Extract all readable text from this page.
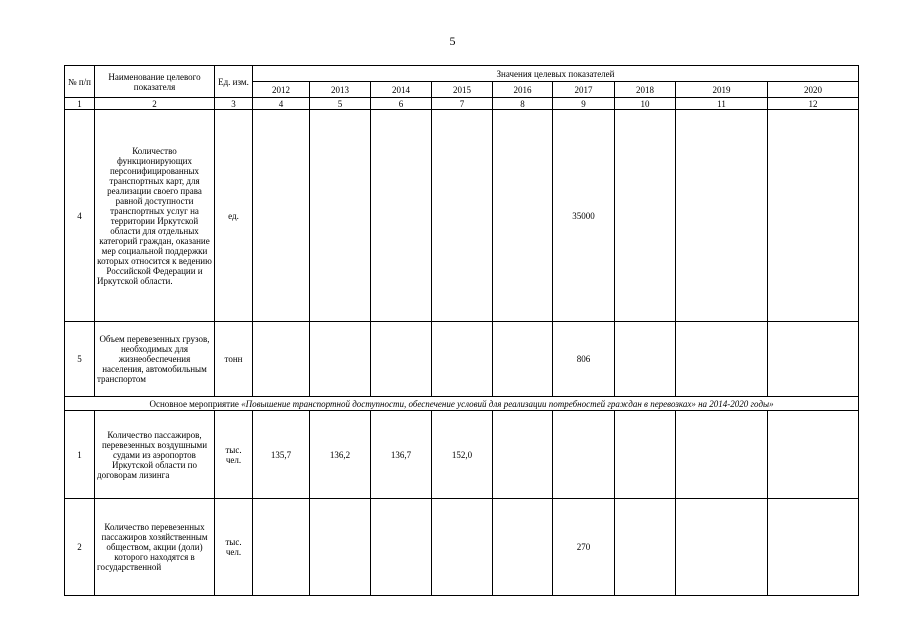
5
№ п/п	Наименование целевого показателя	Ед. изм.	Значения целевых показателей								
			2012	2013	2014	2015	2016	2017	2018	2019	2020
1	2	3	4	5	6	7	8	9	10	11	12
4	Количество функционирующих персонифицированных транспортных карт, для реализации своего права равной доступности транспортных услуг на территории Иркутской области для отдельных категорий граждан, оказание мер социальной поддержки которых относится к ведению Российской Федерации и Иркутской области.	ед.						35000			
5	Объем перевезенных грузов, необходимых для жизнеобеспечения населения, автомобильным транспортом	тонн						806			
Основное мероприятие «Повышение транспортной доступности, обеспечение условий для реализации потребностей граждан в перевозках» на 2014-2020 годы»											
1	Количество пассажиров, перевезенных воздушными судами из аэропортов Иркутской области по договорам лизинга	тыс. чел.	135,7	136,2	136,7	152,0					
2	Количество перевезенных пассажиров хозяйственным обществом, акции (доли) которого находятся в государственной	тыс. чел.						270			
